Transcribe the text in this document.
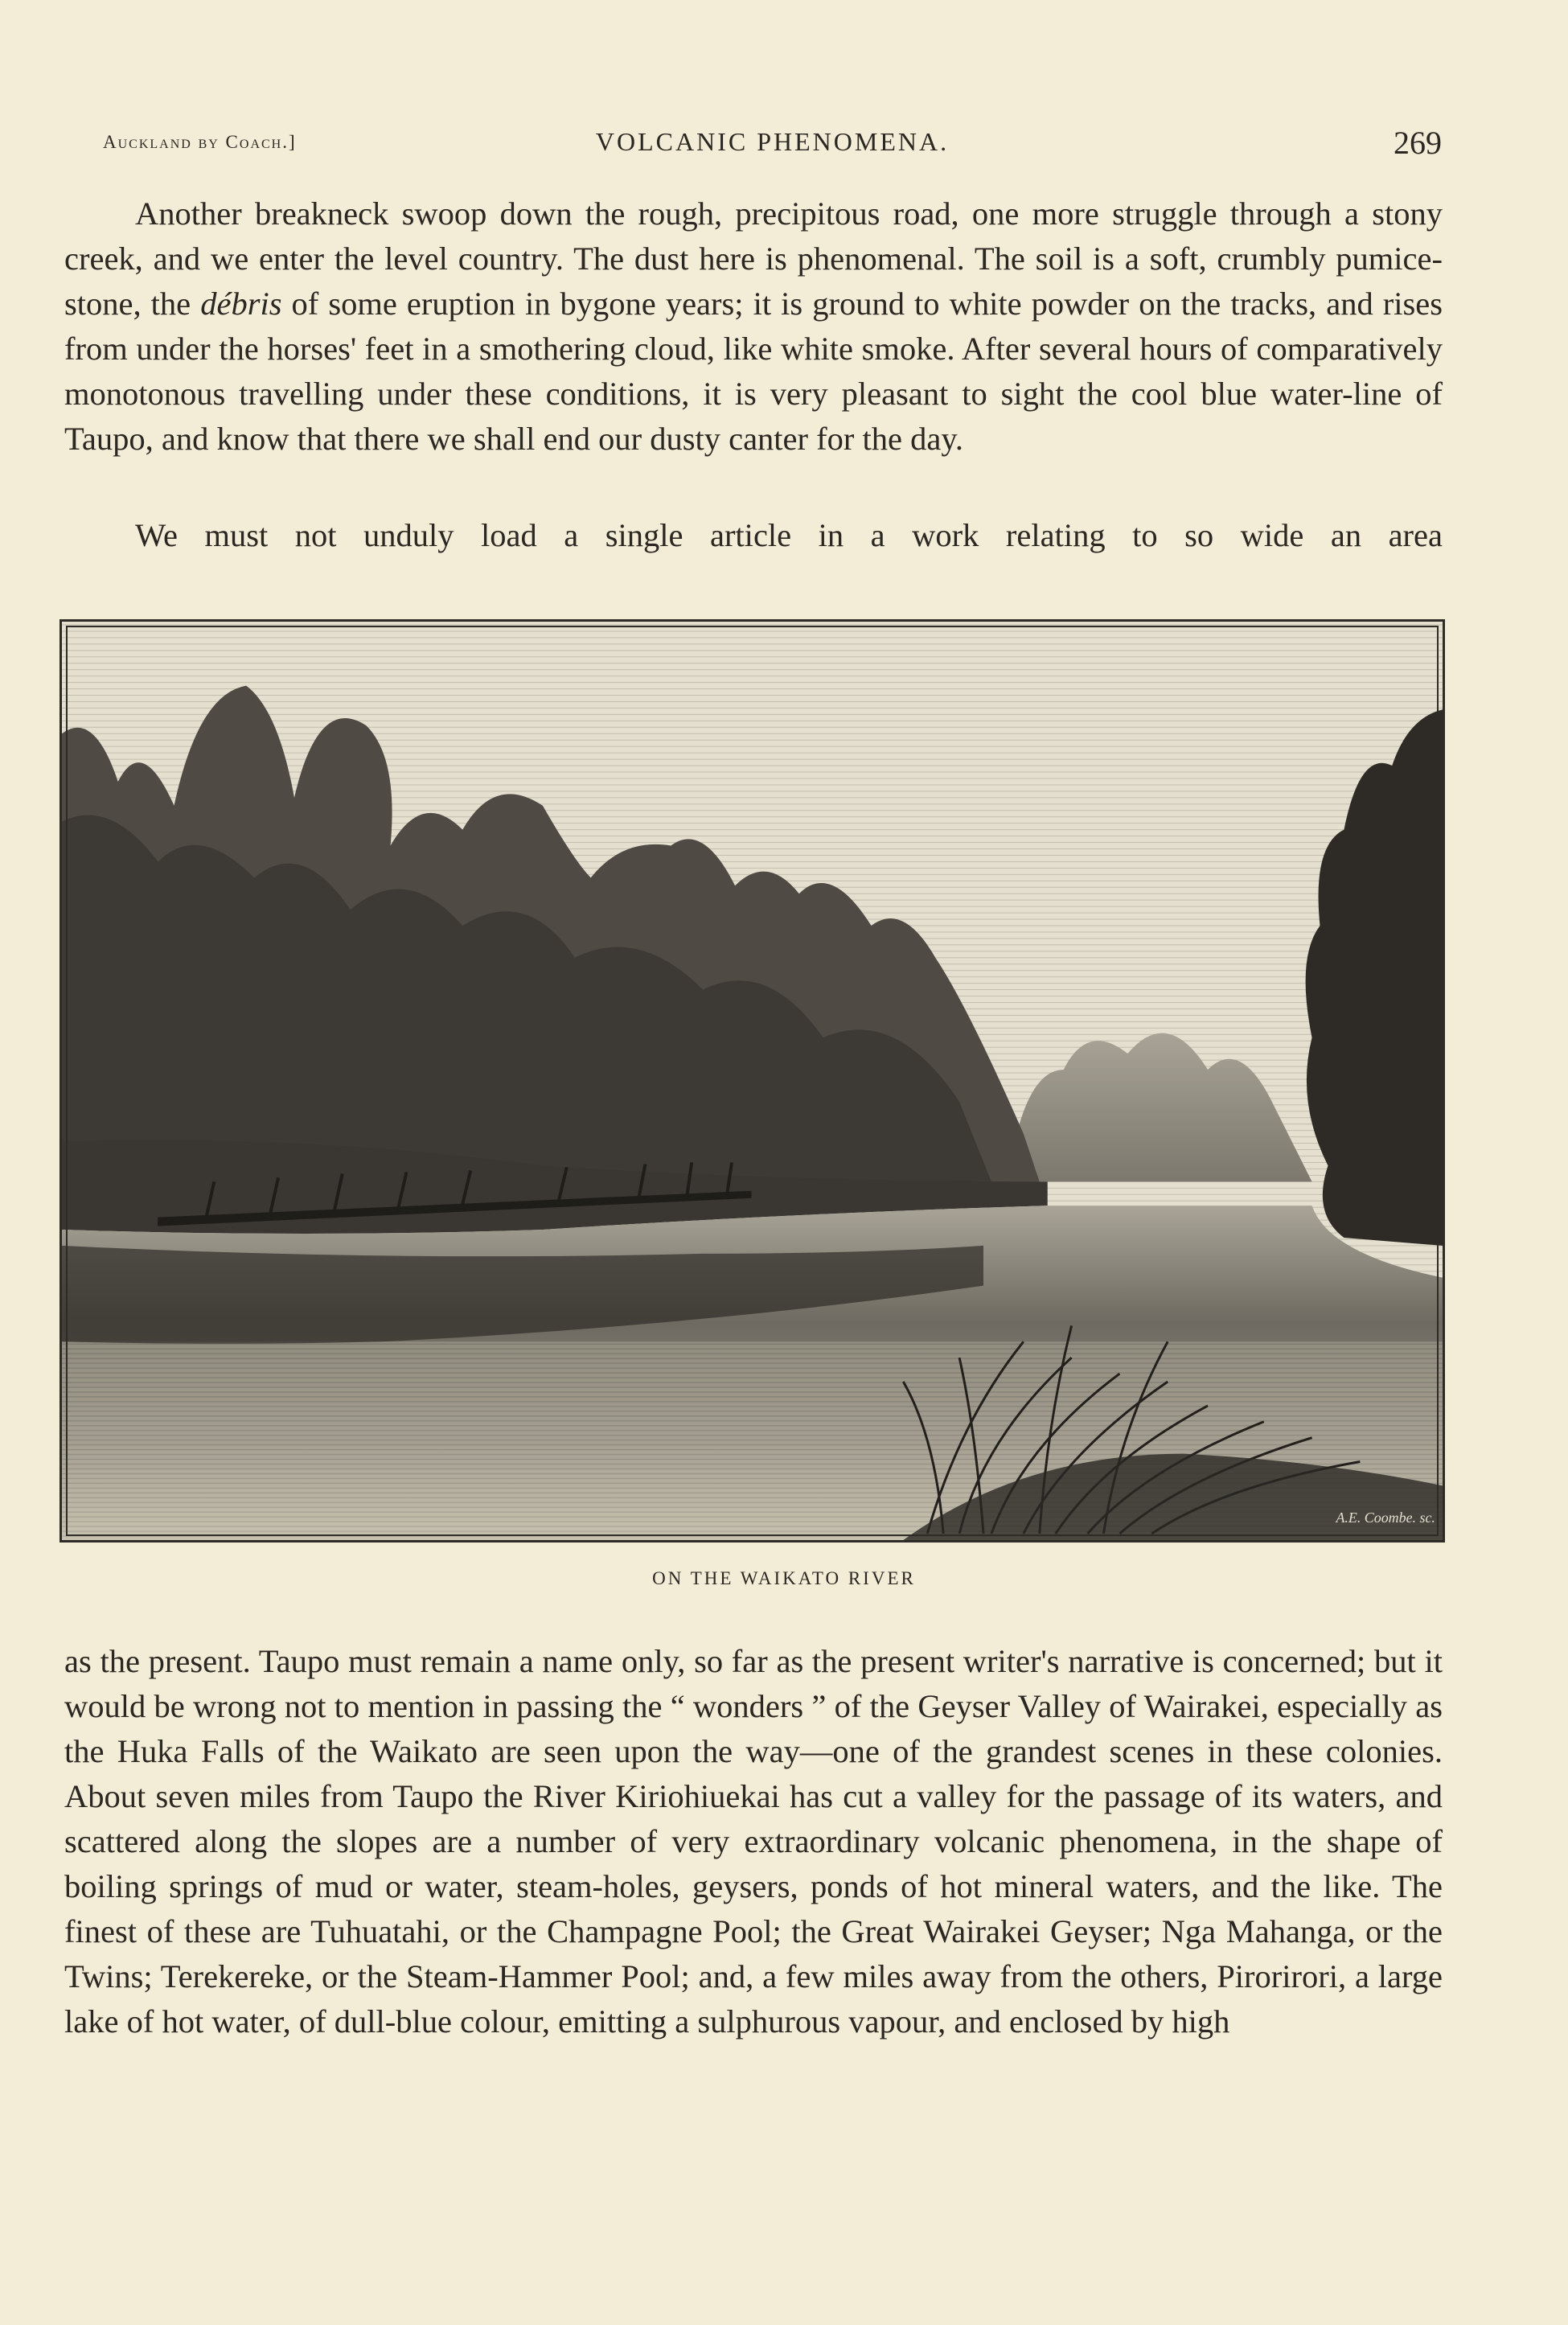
Auckland by Coach.]	VOLCANIC PHENOMENA.	269

Another breakneck swoop down the rough, precipitous road, one more struggle through a stony creek, and we enter the level country. The dust here is phenomenal. The soil is a soft, crumbly pumice-stone, the débris of some eruption in bygone years; it is ground to white powder on the tracks, and rises from under the horses' feet in a smothering cloud, like white smoke. After several hours of comparatively monotonous travelling under these conditions, it is very pleasant to sight the cool blue water-line of Taupo, and know that there we shall end our dusty canter for the day.

We must not unduly load a single article in a work relating to so wide an area

A.E. Coombe. sc.
ON THE WAIKATO RIVER

as the present. Taupo must remain a name only, so far as the present writer's narrative is concerned; but it would be wrong not to mention in passing the “ wonders ” of the Geyser Valley of Wairakei, especially as the Huka Falls of the Waikato are seen upon the way—one of the grandest scenes in these colonies. About seven miles from Taupo the River Kiriohiuekai has cut a valley for the passage of its waters, and scattered along the slopes are a number of very extraordinary volcanic phenomena, in the shape of boiling springs of mud or water, steam-holes, geysers, ponds of hot mineral waters, and the like. The finest of these are Tuhuatahi, or the Champagne Pool; the Great Wairakei Geyser; Nga Mahanga, or the Twins; Terekereke, or the Steam-Hammer Pool; and, a few miles away from the others, Pirorirori, a large lake of hot water, of dull-blue colour, emitting a sulphurous vapour, and enclosed by high
